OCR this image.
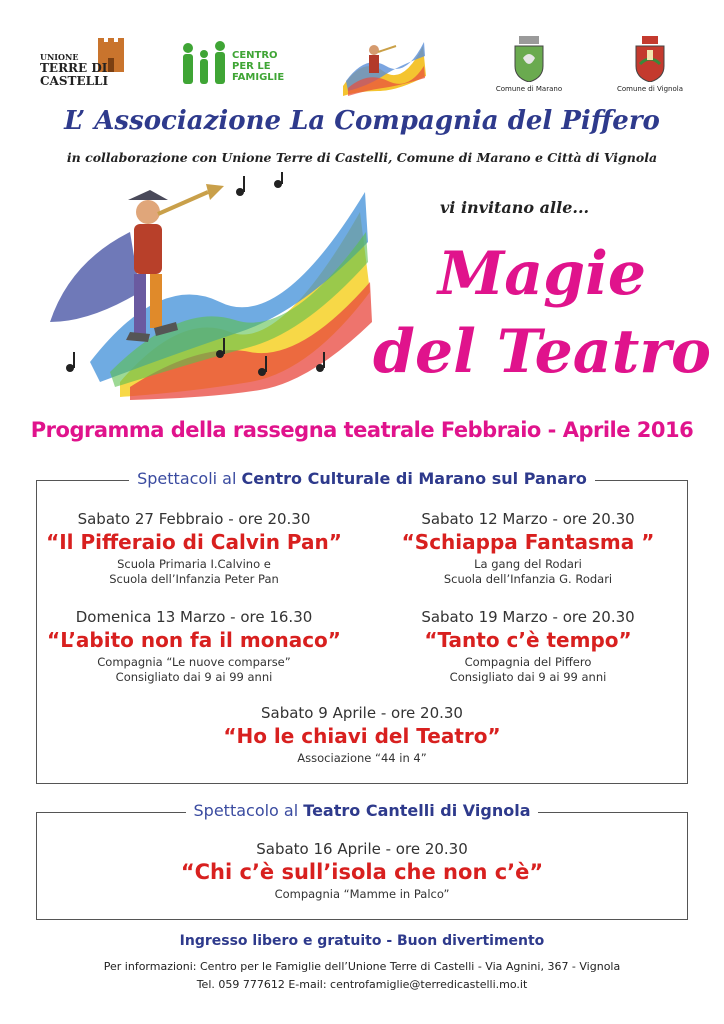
UNIONE
TERRE DI
CASTELLI
CENTRO
PER LE
FAMIGLIE
Comune di Marano	Comune di Vignola
L’ Associazione La Compagnia del Piffero
in collaborazione con Unione Terre di Castelli, Comune di Marano e Città di Vignola
vi invitano alle...
Magie
del Teatro
Programma della rassegna teatrale Febbraio - Aprile 2016
Spettacoli al Centro Culturale di Marano sul Panaro
Sabato 27 Febbraio - ore 20.30
“Il Pifferaio di Calvin Pan”
Scuola Primaria I.Calvino e
Scuola dell’Infanzia Peter Pan
Sabato 12 Marzo - ore 20.30
“Schiappa Fantasma ”
La gang del Rodari
Scuola dell’Infanzia G. Rodari
Domenica 13 Marzo - ore 16.30
“L’abito non fa il monaco”
Compagnia “Le nuove comparse”
Consigliato dai 9 ai 99 anni
Sabato 19 Marzo - ore 20.30
“Tanto c’è tempo”
Compagnia del Piffero
Consigliato dai 9 ai 99 anni
Sabato 9 Aprile - ore 20.30
“Ho le chiavi del Teatro”
Associazione “44 in 4”
Spettacolo al Teatro Cantelli di Vignola
Sabato 16 Aprile - ore 20.30
“Chi c’è sull’isola che non c’è”
Compagnia “Mamme in Palco”
Ingresso libero e gratuito - Buon divertimento
Per informazioni: Centro per le Famiglie dell’Unione Terre di Castelli - Via Agnini, 367 - Vignola
Tel. 059 777612 E-mail: centrofamiglie@terredicastelli.mo.it
